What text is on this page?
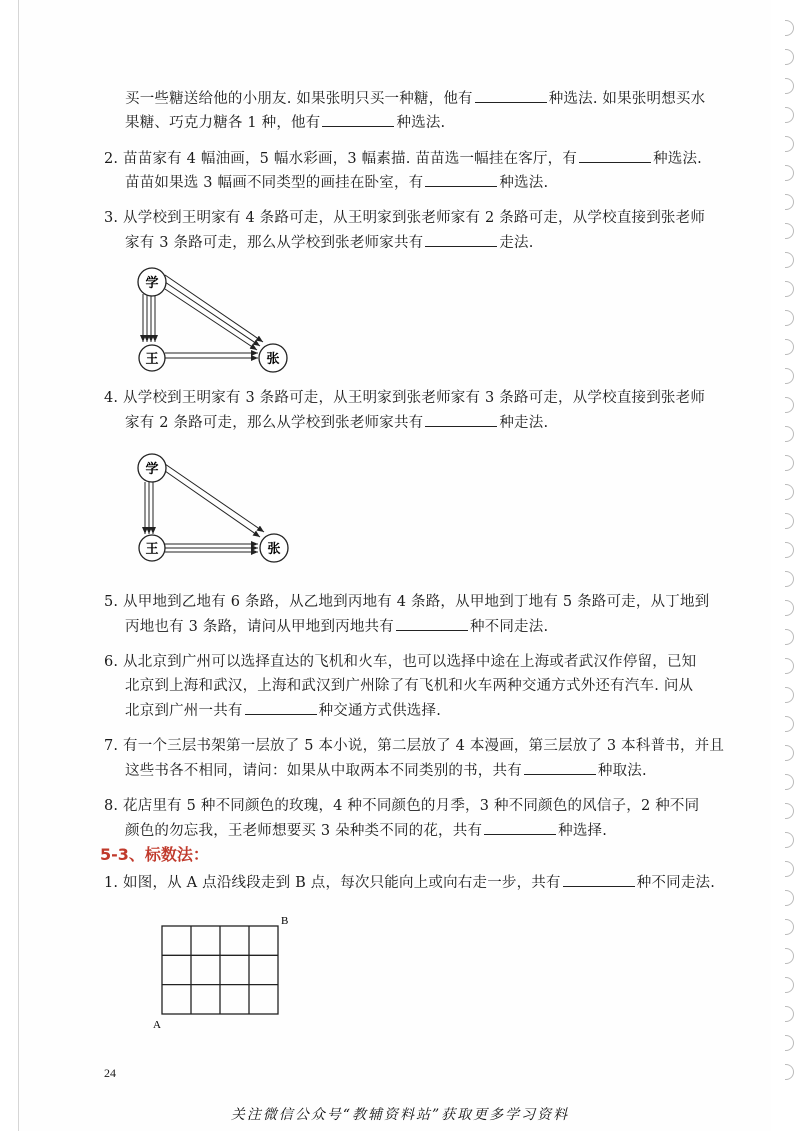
买一些糖送给他的小朋友. 如果张明只买一种糖，他有	种选法. 如果张明想买水
果糖、巧克力糖各 1 种，他有	种选法.
2. 苗苗家有 4 幅油画，5 幅水彩画，3 幅素描. 苗苗选一幅挂在客厅，有	种选法.
苗苗如果选 3 幅画不同类型的画挂在卧室，有	种选法.
3. 从学校到王明家有 4 条路可走，从王明家到张老师家有 2 条路可走，从学校直接到张老师
家有 3 条路可走，那么从学校到张老师家共有	走法.
学
王	张
4. 从学校到王明家有 3 条路可走，从王明家到张老师家有 3 条路可走，从学校直接到张老师
家有 2 条路可走，那么从学校到张老师家共有	种走法.
学
王	张
5. 从甲地到乙地有 6 条路，从乙地到丙地有 4 条路，从甲地到丁地有 5 条路可走，从丁地到
丙地也有 3 条路，请问从甲地到丙地共有	种不同走法.
6. 从北京到广州可以选择直达的飞机和火车，也可以选择中途在上海或者武汉作停留，已知
北京到上海和武汉，上海和武汉到广州除了有飞机和火车两种交通方式外还有汽车. 问从
北京到广州一共有	种交通方式供选择.
7. 有一个三层书架第一层放了 5 本小说，第二层放了 4 本漫画，第三层放了 3 本科普书，并且
这些书各不相同，请问：如果从中取两本不同类别的书，共有	种取法.
8. 花店里有 5 种不同颜色的玫瑰，4 种不同颜色的月季，3 种不同颜色的风信子，2 种不同
颜色的勿忘我，王老师想要买 3 朵种类不同的花，共有	种选择.
5-3、标数法：
1. 如图，从 A 点沿线段走到 B 点，每次只能向上或向右走一步，共有	种不同走法.
B
A
24
关注微信公众号“教辅资料站”获取更多学习资料
